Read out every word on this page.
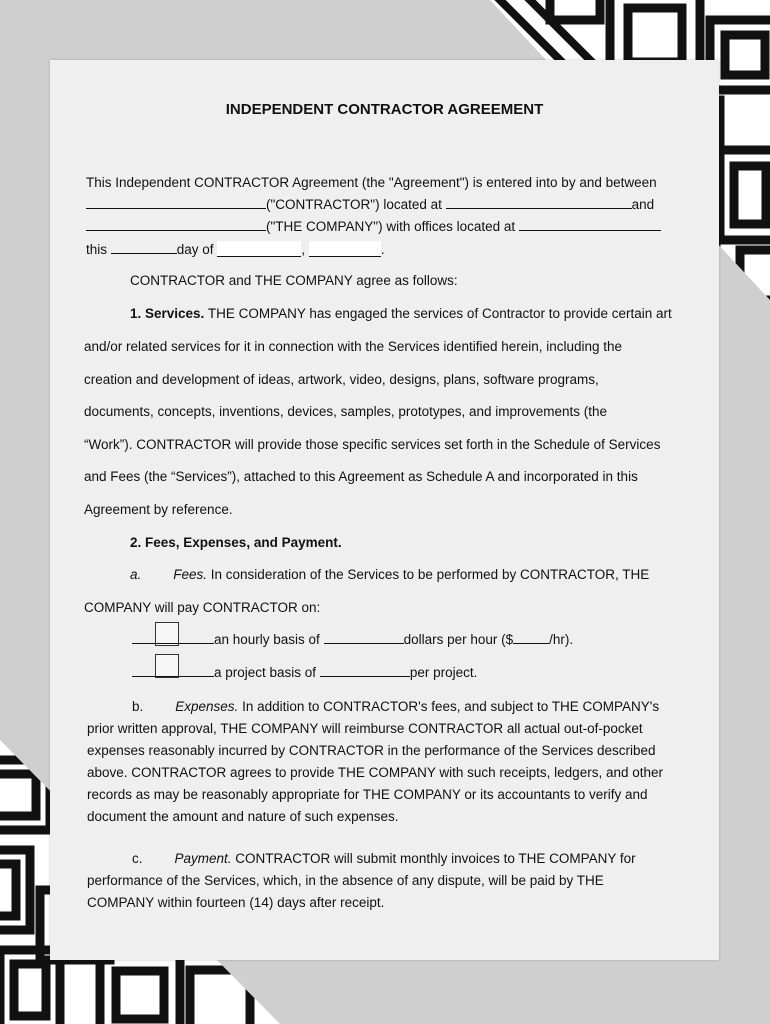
INDEPENDENT CONTRACTOR AGREEMENT
This Independent CONTRACTOR Agreement (the "Agreement") is entered into by and between
("CONTRACTOR") located at	and
("THE COMPANY") with offices located at
this	day of	,	.
CONTRACTOR and THE COMPANY agree as follows:
1. Services. THE COMPANY has engaged the services of Contractor to provide certain art
and/or related services for it in connection with the Services identified herein, including the
creation and development of ideas, artwork, video, designs, plans, software programs,
documents, concepts, inventions, devices, samples, prototypes, and improvements (the
“Work”). CONTRACTOR will provide those specific services set forth in the Schedule of Services
and Fees (the “Services”), attached to this Agreement as Schedule A and incorporated in this
Agreement by reference.
2. Fees, Expenses, and Payment.
a. Fees. In consideration of the Services to be performed by CONTRACTOR, THE
COMPANY will pay CONTRACTOR on:
an hourly basis of	dollars per hour ($	/hr).
a project basis of	per project.
b. Expenses. In addition to CONTRACTOR's fees, and subject to THE COMPANY's
prior written approval, THE COMPANY will reimburse CONTRACTOR all actual out-of-pocket
expenses reasonably incurred by CONTRACTOR in the performance of the Services described
above. CONTRACTOR agrees to provide THE COMPANY with such receipts, ledgers, and other
records as may be reasonably appropriate for THE COMPANY or its accountants to verify and
document the amount and nature of such expenses.
c. Payment. CONTRACTOR will submit monthly invoices to THE COMPANY for
performance of the Services, which, in the absence of any dispute, will be paid by THE
COMPANY within fourteen (14) days after receipt.
